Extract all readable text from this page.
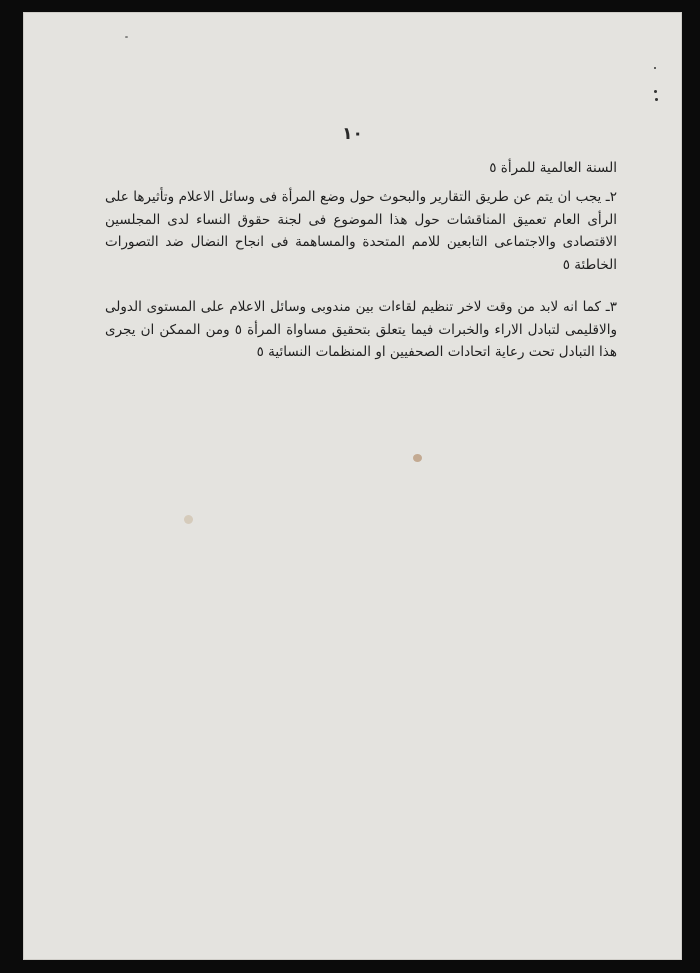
١٠
السنة العالمية للمرأة ٥
٢ـ يجب ان يتم عن طريق التقارير والبحوث حول وضع المرأة فى وسائل الاعلام وتأثيرها على الرأى العام تعميق المناقشات حول هذا الموضوع فى لجنة حقوق النساء لدى المجلسين الاقتصادى والاجتماعى التابعين للامم المتحدة والمساهمة فى انجاح النضال ضد التصورات الخاطئة ٥
٣ـ كما انه لابد من وقت لاخر تنظيم لقاءات بين مندوبى وسائل الاعلام على المستوى الدولى والاقليمى لتبادل الاراء والخبرات فيما يتعلق بتحقيق مساواة المرأة ٥ ومن الممكن ان يجرى هذا التبادل تحت رعاية اتحادات الصحفيين او المنظمات النسائية ٥
